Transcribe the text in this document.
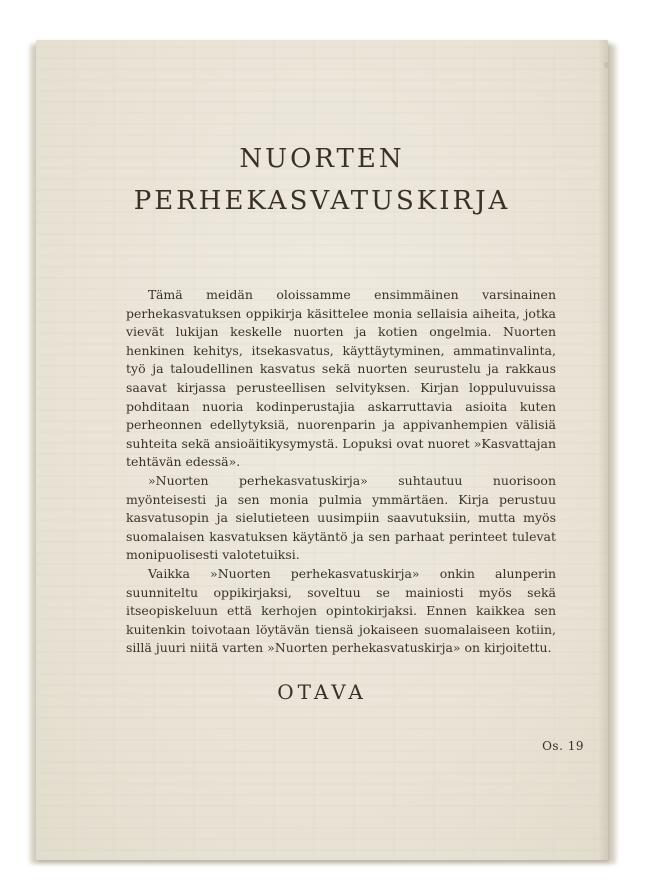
NUORTEN
PERHEKASVATUSKIRJA

Tämä meidän oloissamme ensimmäinen varsinainen perhekasvatuksen oppikirja käsittelee monia sellaisia aiheita, jotka vievät lukijan keskelle nuorten ja kotien ongelmia. Nuorten henkinen kehitys, itsekasvatus, käyttäytyminen, ammatinvalinta, työ ja taloudellinen kasvatus sekä nuorten seurustelu ja rakkaus saavat kirjassa perusteellisen selvityksen. Kirjan loppuluvuissa pohditaan nuoria kodinperustajia askarruttavia asioita kuten perheonnen edellytyksiä, nuorenparin ja appivanhempien välisiä suhteita sekä ansioäitikysymystä. Lopuksi ovat nuoret »Kasvattajan tehtävän edessä».

»Nuorten perhekasvatuskirja» suhtautuu nuorisoon myönteisesti ja sen monia pulmia ymmärtäen. Kirja perustuu kasvatusopin ja sielutieteen uusimpiin saavutuksiin, mutta myös suomalaisen kasvatuksen käytäntö ja sen parhaat perinteet tulevat monipuolisesti valotetuiksi.

Vaikka »Nuorten perhekasvatuskirja» onkin alunperin suunniteltu oppikirjaksi, soveltuu se mainiosti myös sekä itseopiskeluun että kerhojen opintokirjaksi. Ennen kaikkea sen kuitenkin toivotaan löytävän tiensä jokaiseen suomalaiseen kotiin, sillä juuri niitä varten »Nuorten perhekasvatuskirja» on kirjoitettu.

OTAVA
Os. 19
